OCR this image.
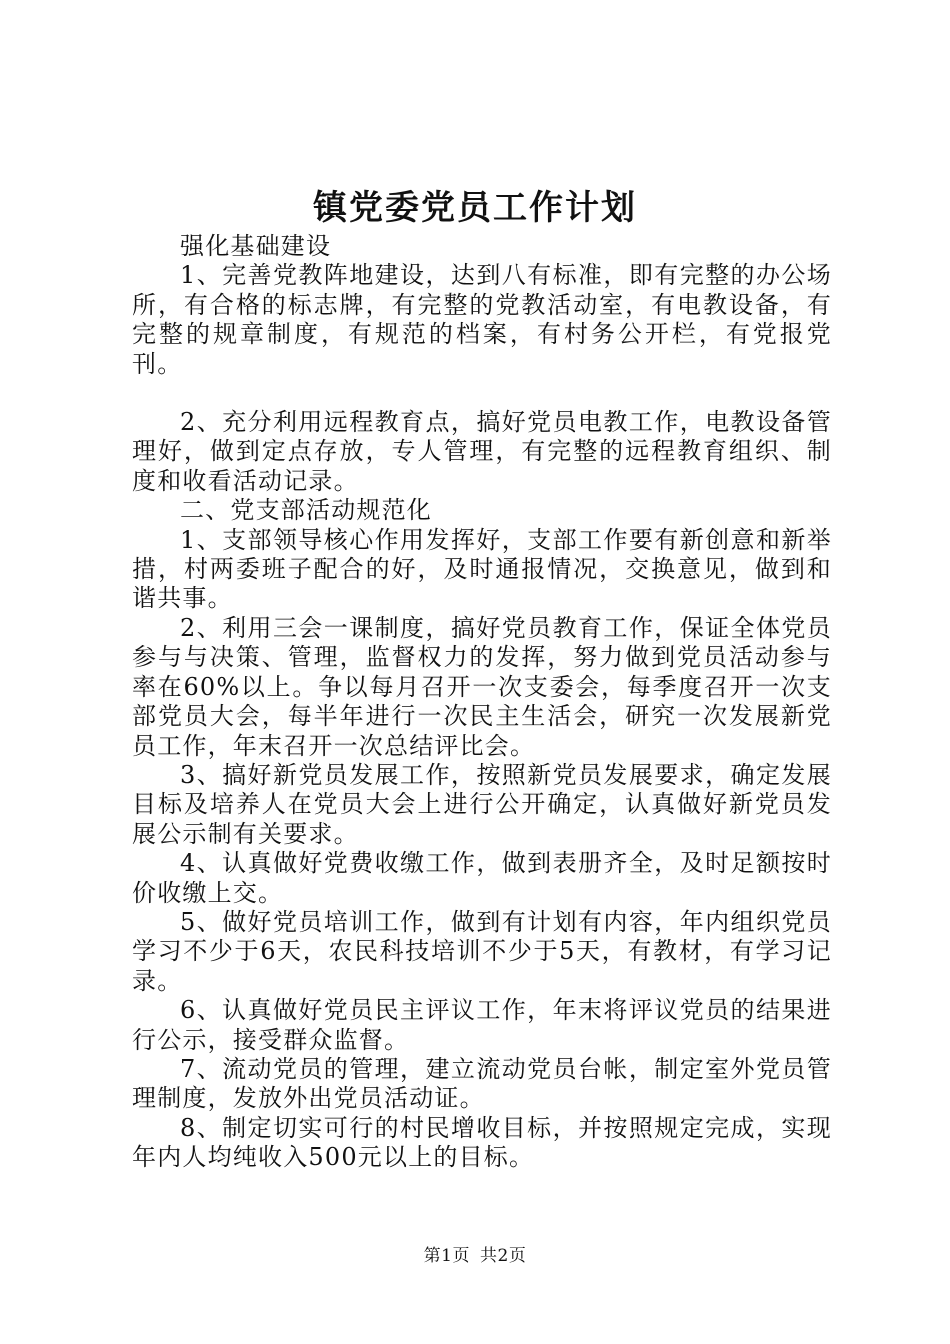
镇党委党员工作计划

强化基础建设

1、完善党教阵地建设，达到八有标准，即有完整的办公场所，有合格的标志牌，有完整的党教活动室，有电教设备，有完整的规章制度，有规范的档案，有村务公开栏，有党报党刊。

2、充分利用远程教育点，搞好党员电教工作，电教设备管理好，做到定点存放，专人管理，有完整的远程教育组织、制度和收看活动记录。

二、党支部活动规范化

1、支部领导核心作用发挥好，支部工作要有新创意和新举措，村两委班子配合的好，及时通报情况，交换意见，做到和谐共事。

2、利用三会一课制度，搞好党员教育工作，保证全体党员参与与决策、管理，监督权力的发挥，努力做到党员活动参与率在60%以上。争以每月召开一次支委会，每季度召开一次支部党员大会，每半年进行一次民主生活会，研究一次发展新党员工作，年末召开一次总结评比会。

3、搞好新党员发展工作，按照新党员发展要求，确定发展目标及培养人在党员大会上进行公开确定，认真做好新党员发展公示制有关要求。

4、认真做好党费收缴工作，做到表册齐全，及时足额按时价收缴上交。

5、做好党员培训工作，做到有计划有内容，年内组织党员学习不少于6天，农民科技培训不少于5天，有教材，有学习记录。

6、认真做好党员民主评议工作，年末将评议党员的结果进行公示，接受群众监督。

7、流动党员的管理，建立流动党员台帐，制定室外党员管理制度，发放外出党员活动证。

8、制定切实可行的村民增收目标，并按照规定完成，实现年内人均纯收入500元以上的目标。

第1页 共2页
